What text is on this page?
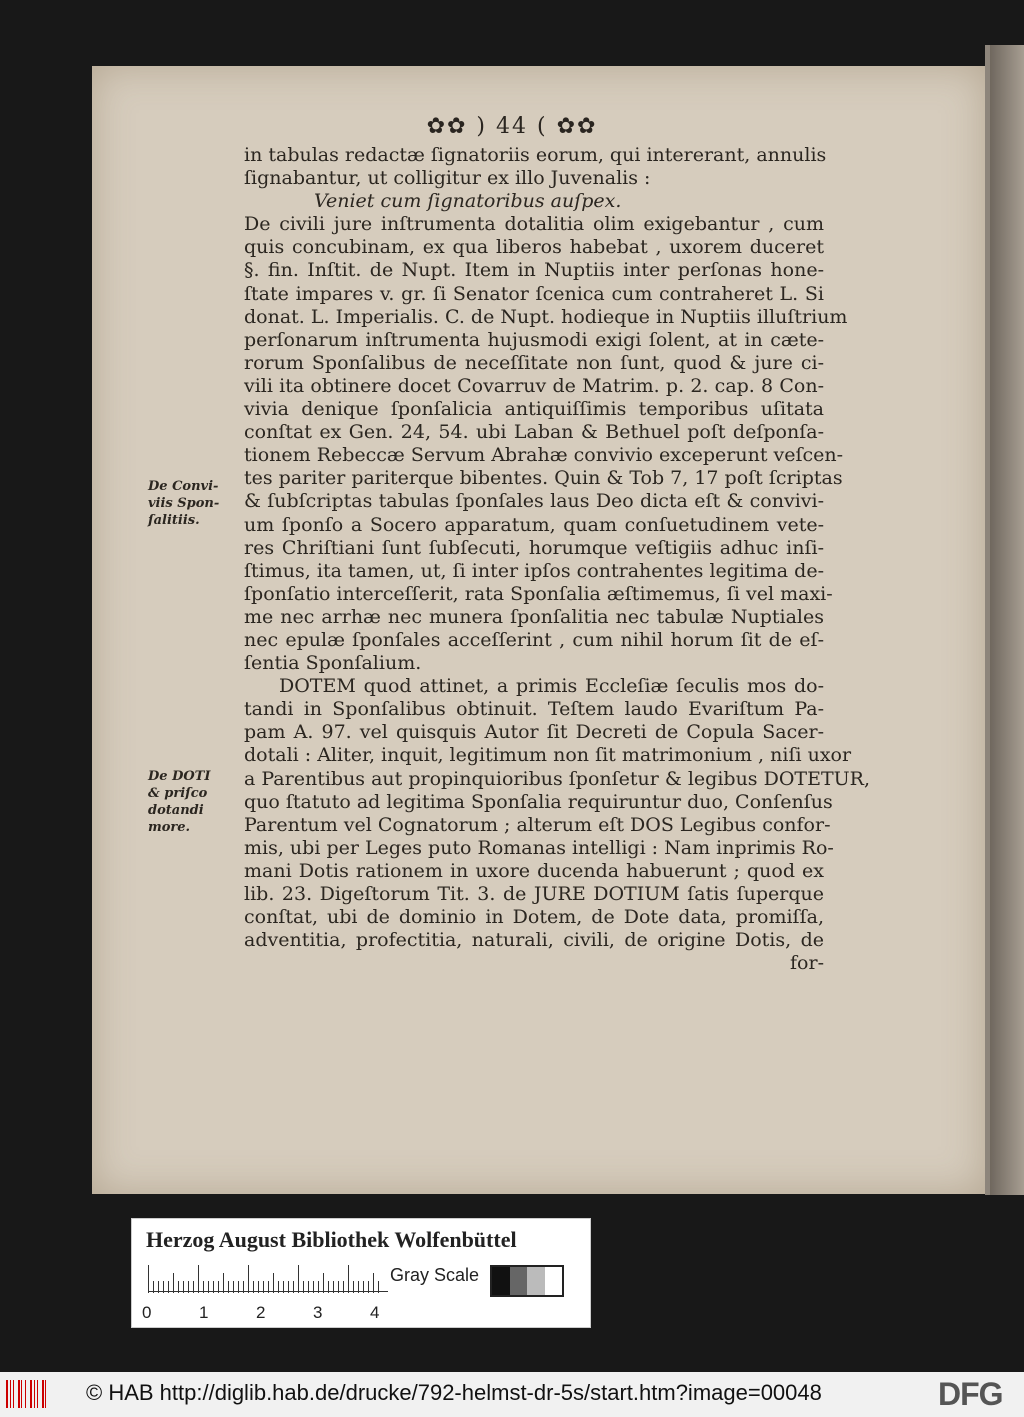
✿✿ ) 44 ( ✿✿
in tabulas redactæ ſignatoriis eorum, qui intererant, annulis
ſignabantur, ut colligitur ex illo Juvenalis :
Veniet cum ſignatoribus auſpex.
De civili jure inſtrumenta dotalitia olim exigebantur , cum
quis concubinam, ex qua liberos habebat , uxorem duceret
§. fin. Inſtit. de Nupt. Item in Nuptiis inter perſonas hone-
ſtate impares v. gr. ſi Senator ſcenica cum contraheret L. Si
donat. L. Imperialis. C. de Nupt. hodieque in Nuptiis illuſtrium
perſonarum inſtrumenta hujusmodi exigi ſolent, at in cæte-
rorum Sponſalibus de neceſſitate non ſunt, quod & jure ci-
vili ita obtinere docet Covarruv de Matrim. p. 2. cap. 8 Con-
vivia denique ſponſalicia antiquiſſimis temporibus uſitata
conſtat ex Gen. 24, 54. ubi Laban & Bethuel poſt deſponſa-
tionem Rebeccæ Servum Abrahæ convivio exceperunt veſcen-
tes pariter pariterque bibentes. Quin & Tob 7, 17 poſt ſcriptas
& ſubſcriptas tabulas ſponſales laus Deo dicta eſt & convivi-
um ſponſo a Socero apparatum, quam conſuetudinem vete-
res Chriſtiani ſunt ſubſecuti, horumque veſtigiis adhuc inſi-
ſtimus, ita tamen, ut, ſi inter ipſos contrahentes legitima de-
ſponſatio interceſſerit, rata Sponſalia æſtimemus, ſi vel maxi-
me nec arrhæ nec munera ſponſalitia nec tabulæ Nuptiales
nec epulæ ſponſales acceſſerint , cum nihil horum ſit de eſ-
ſentia Sponſalium.
DOTEM quod attinet, a primis Eccleſiæ ſeculis mos do-
tandi in Sponſalibus obtinuit. Teſtem laudo Evariſtum Pa-
pam A. 97. vel quisquis Autor ſit Decreti de Copula Sacer-
dotali : Aliter, inquit, legitimum non ſit matrimonium , niſi uxor
a Parentibus aut propinquioribus ſponſetur & legibus DOTETUR,
quo ſtatuto ad legitima Sponſalia requiruntur duo, Conſenſus
Parentum vel Cognatorum ; alterum eſt DOS Legibus confor-
mis, ubi per Leges puto Romanas intelligi : Nam inprimis Ro-
mani Dotis rationem in uxore ducenda habuerunt ; quod ex
lib. 23. Digeſtorum Tit. 3. de JURE DOTIUM ſatis ſuperque
conſtat, ubi de dominio in Dotem, de Dote data, promiſſa,
adventitia, profectitia, naturali, civili, de origine Dotis, de
for-
De Convi-
viis Spon-
ſalitiis.
De DOTI
& priſco
dotandi
more.
Herzog August Bibliothek Wolfenbüttel
0	1	2	3	4
Gray Scale
© HAB http://diglib.hab.de/drucke/792-helmst-dr-5s/start.htm?image=00048	DFG
